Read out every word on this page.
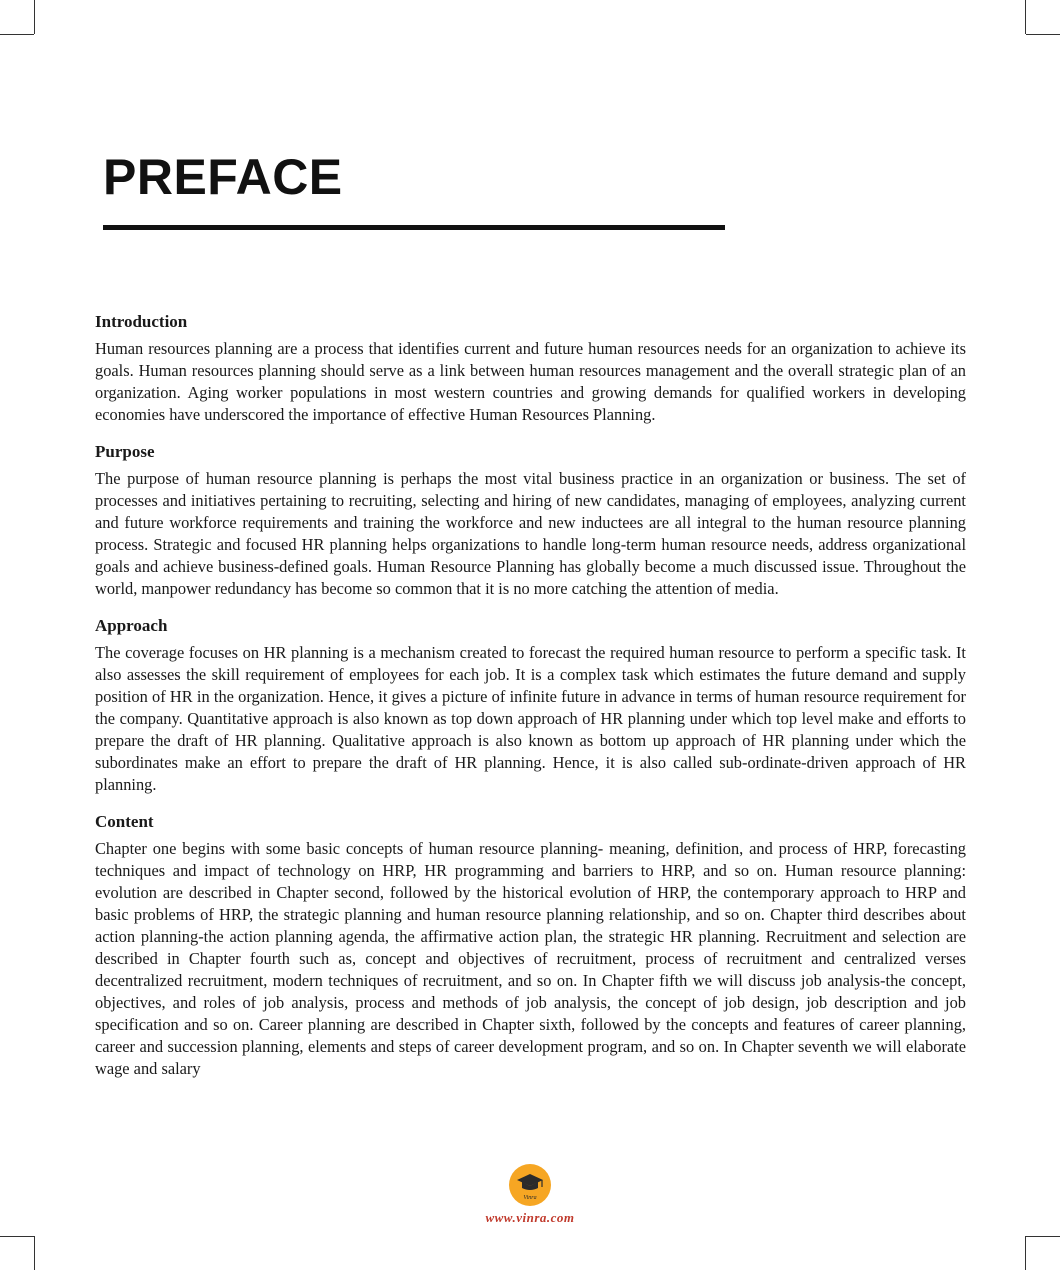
PREFACE
Introduction

Human resources planning are a process that identifies current and future human resources needs for an organization to achieve its goals. Human resources planning should serve as a link between human resources management and the overall strategic plan of an organization. Aging worker populations in most western countries and growing demands for qualified workers in developing economies have underscored the importance of effective Human Resources Planning.

Purpose

The purpose of human resource planning is perhaps the most vital business practice in an organization or business. The set of processes and initiatives pertaining to recruiting, selecting and hiring of new candidates, managing of employees, analyzing current and future workforce requirements and training the workforce and new inductees are all integral to the human resource planning process. Strategic and focused HR planning helps organizations to handle long-term human resource needs, address organizational goals and achieve business-defined goals. Human Resource Planning has globally become a much discussed issue. Throughout the world, manpower redundancy has become so common that it is no more catching the attention of media.

Approach

The coverage focuses on HR planning is a mechanism created to forecast the required human resource to perform a specific task. It also assesses the skill requirement of employees for each job. It is a complex task which estimates the future demand and supply position of HR in the organization. Hence, it gives a picture of infinite future in advance in terms of human resource requirement for the company. Quantitative approach is also known as top down approach of HR planning under which top level make and efforts to prepare the draft of HR planning. Qualitative approach is also known as bottom up approach of HR planning under which the subordinates make an effort to prepare the draft of HR planning. Hence, it is also called sub-ordinate-driven approach of HR planning.

Content

Chapter one begins with some basic concepts of human resource planning- meaning, definition, and process of HRP, forecasting techniques and impact of technology on HRP, HR programming and barriers to HRP, and so on. Human resource planning: evolution are described in Chapter second, followed by the historical evolution of HRP, the contemporary approach to HRP and basic problems of HRP, the strategic planning and human resource planning relationship, and so on. Chapter third describes about action planning-the action planning agenda, the affirmative action plan, the strategic HR planning. Recruitment and selection are described in Chapter fourth such as, concept and objectives of recruitment, process of recruitment and centralized verses decentralized recruitment, modern techniques of recruitment, and so on. In Chapter fifth we will discuss job analysis-the concept, objectives, and roles of job analysis, process and methods of job analysis, the concept of job design, job description and job specification and so on. Career planning are described in Chapter sixth, followed by the concepts and features of career planning, career and succession planning, elements and steps of career development program, and so on. In Chapter seventh we will elaborate wage and salary

Vinra
www.vinra.com
